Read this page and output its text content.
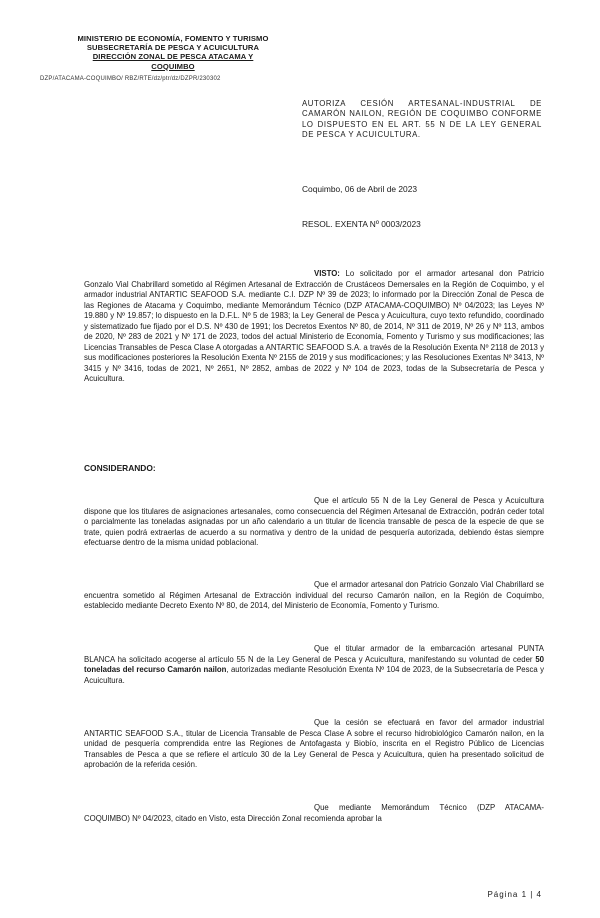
MINISTERIO DE ECONOMÍA, FOMENTO Y TURISMO
SUBSECRETARÍA DE PESCA Y ACUICULTURA
DIRECCIÓN ZONAL DE PESCA ATACAMA Y
COQUIMBO
DZP/ATACAMA-COQUIMBO/ RBZ/RTE/dz/ptr/dz/DZPR/230302
AUTORIZA CESIÓN ARTESANAL-INDUSTRIAL DE CAMARÓN NAILON, REGIÓN DE COQUIMBO CONFORME LO DISPUESTO EN EL ART. 55 N DE LA LEY GENERAL DE PESCA Y ACUICULTURA.
Coquimbo, 06 de Abril de 2023
RESOL. EXENTA Nº 0003/2023

VISTO: Lo solicitado por el armador artesanal don Patricio Gonzalo Vial Chabrillard sometido al Régimen Artesanal de Extracción de Crustáceos Demersales en la Región de Coquimbo, y el armador industrial ANTARTIC SEAFOOD S.A. mediante C.I. DZP Nº 39 de 2023; lo informado por la Dirección Zonal de Pesca de las Regiones de Atacama y Coquimbo, mediante Memorándum Técnico (DZP ATACAMA-COQUIMBO) Nº 04/2023; las Leyes Nº 19.880 y Nº 19.857; lo dispuesto en la D.F.L. Nº 5 de 1983; la Ley General de Pesca y Acuicultura, cuyo texto refundido, coordinado y sistematizado fue fijado por el D.S. Nº 430 de 1991; los Decretos Exentos Nº 80, de 2014, Nº 311 de 2019, Nº 26 y Nº 113, ambos de 2020, Nº 283 de 2021 y Nº 171 de 2023, todos del actual Ministerio de Economía, Fomento y Turismo y sus modificaciones; las Licencias Transables de Pesca Clase A otorgadas a ANTARTIC SEAFOOD S.A. a través de la Resolución Exenta Nº 2118 de 2013 y sus modificaciones posteriores la Resolución Exenta Nº 2155 de 2019 y sus modificaciones; y las Resoluciones Exentas Nº 3413, Nº 3415 y Nº 3416, todas de 2021, Nº 2651, Nº 2852, ambas de 2022 y Nº 104 de 2023, todas de la Subsecretaría de Pesca y Acuicultura.

CONSIDERANDO:

Que el artículo 55 N de la Ley General de Pesca y Acuicultura dispone que los titulares de asignaciones artesanales, como consecuencia del Régimen Artesanal de Extracción, podrán ceder total o parcialmente las toneladas asignadas por un año calendario a un titular de licencia transable de pesca de la especie de que se trate, quien podrá extraerlas de acuerdo a su normativa y dentro de la unidad de pesquería autorizada, debiendo éstas siempre efectuarse dentro de la misma unidad poblacional.

Que el armador artesanal don Patricio Gonzalo Vial Chabrillard se encuentra sometido al Régimen Artesanal de Extracción individual del recurso Camarón nailon, en la Región de Coquimbo, establecido mediante Decreto Exento Nº 80, de 2014, del Ministerio de Economía, Fomento y Turismo.

Que el titular armador de la embarcación artesanal PUNTA BLANCA ha solicitado acogerse al artículo 55 N de la Ley General de Pesca y Acuicultura, manifestando su voluntad de ceder 50 toneladas del recurso Camarón nailon, autorizadas mediante Resolución Exenta Nº 104 de 2023, de la Subsecretaría de Pesca y Acuicultura.

Que la cesión se efectuará en favor del armador industrial ANTARTIC SEAFOOD S.A., titular de Licencia Transable de Pesca Clase A sobre el recurso hidrobiológico Camarón nailon, en la unidad de pesquería comprendida entre las Regiones de Antofagasta y Biobío, inscrita en el Registro Público de Licencias Transables de Pesca a que se refiere el artículo 30 de la Ley General de Pesca y Acuicultura, quien ha presentado solicitud de aprobación de la referida cesión.

Que mediante Memorándum Técnico (DZP ATACAMA-COQUIMBO) Nº 04/2023, citado en Visto, esta Dirección Zonal recomienda aprobar la

Página 1 | 4
